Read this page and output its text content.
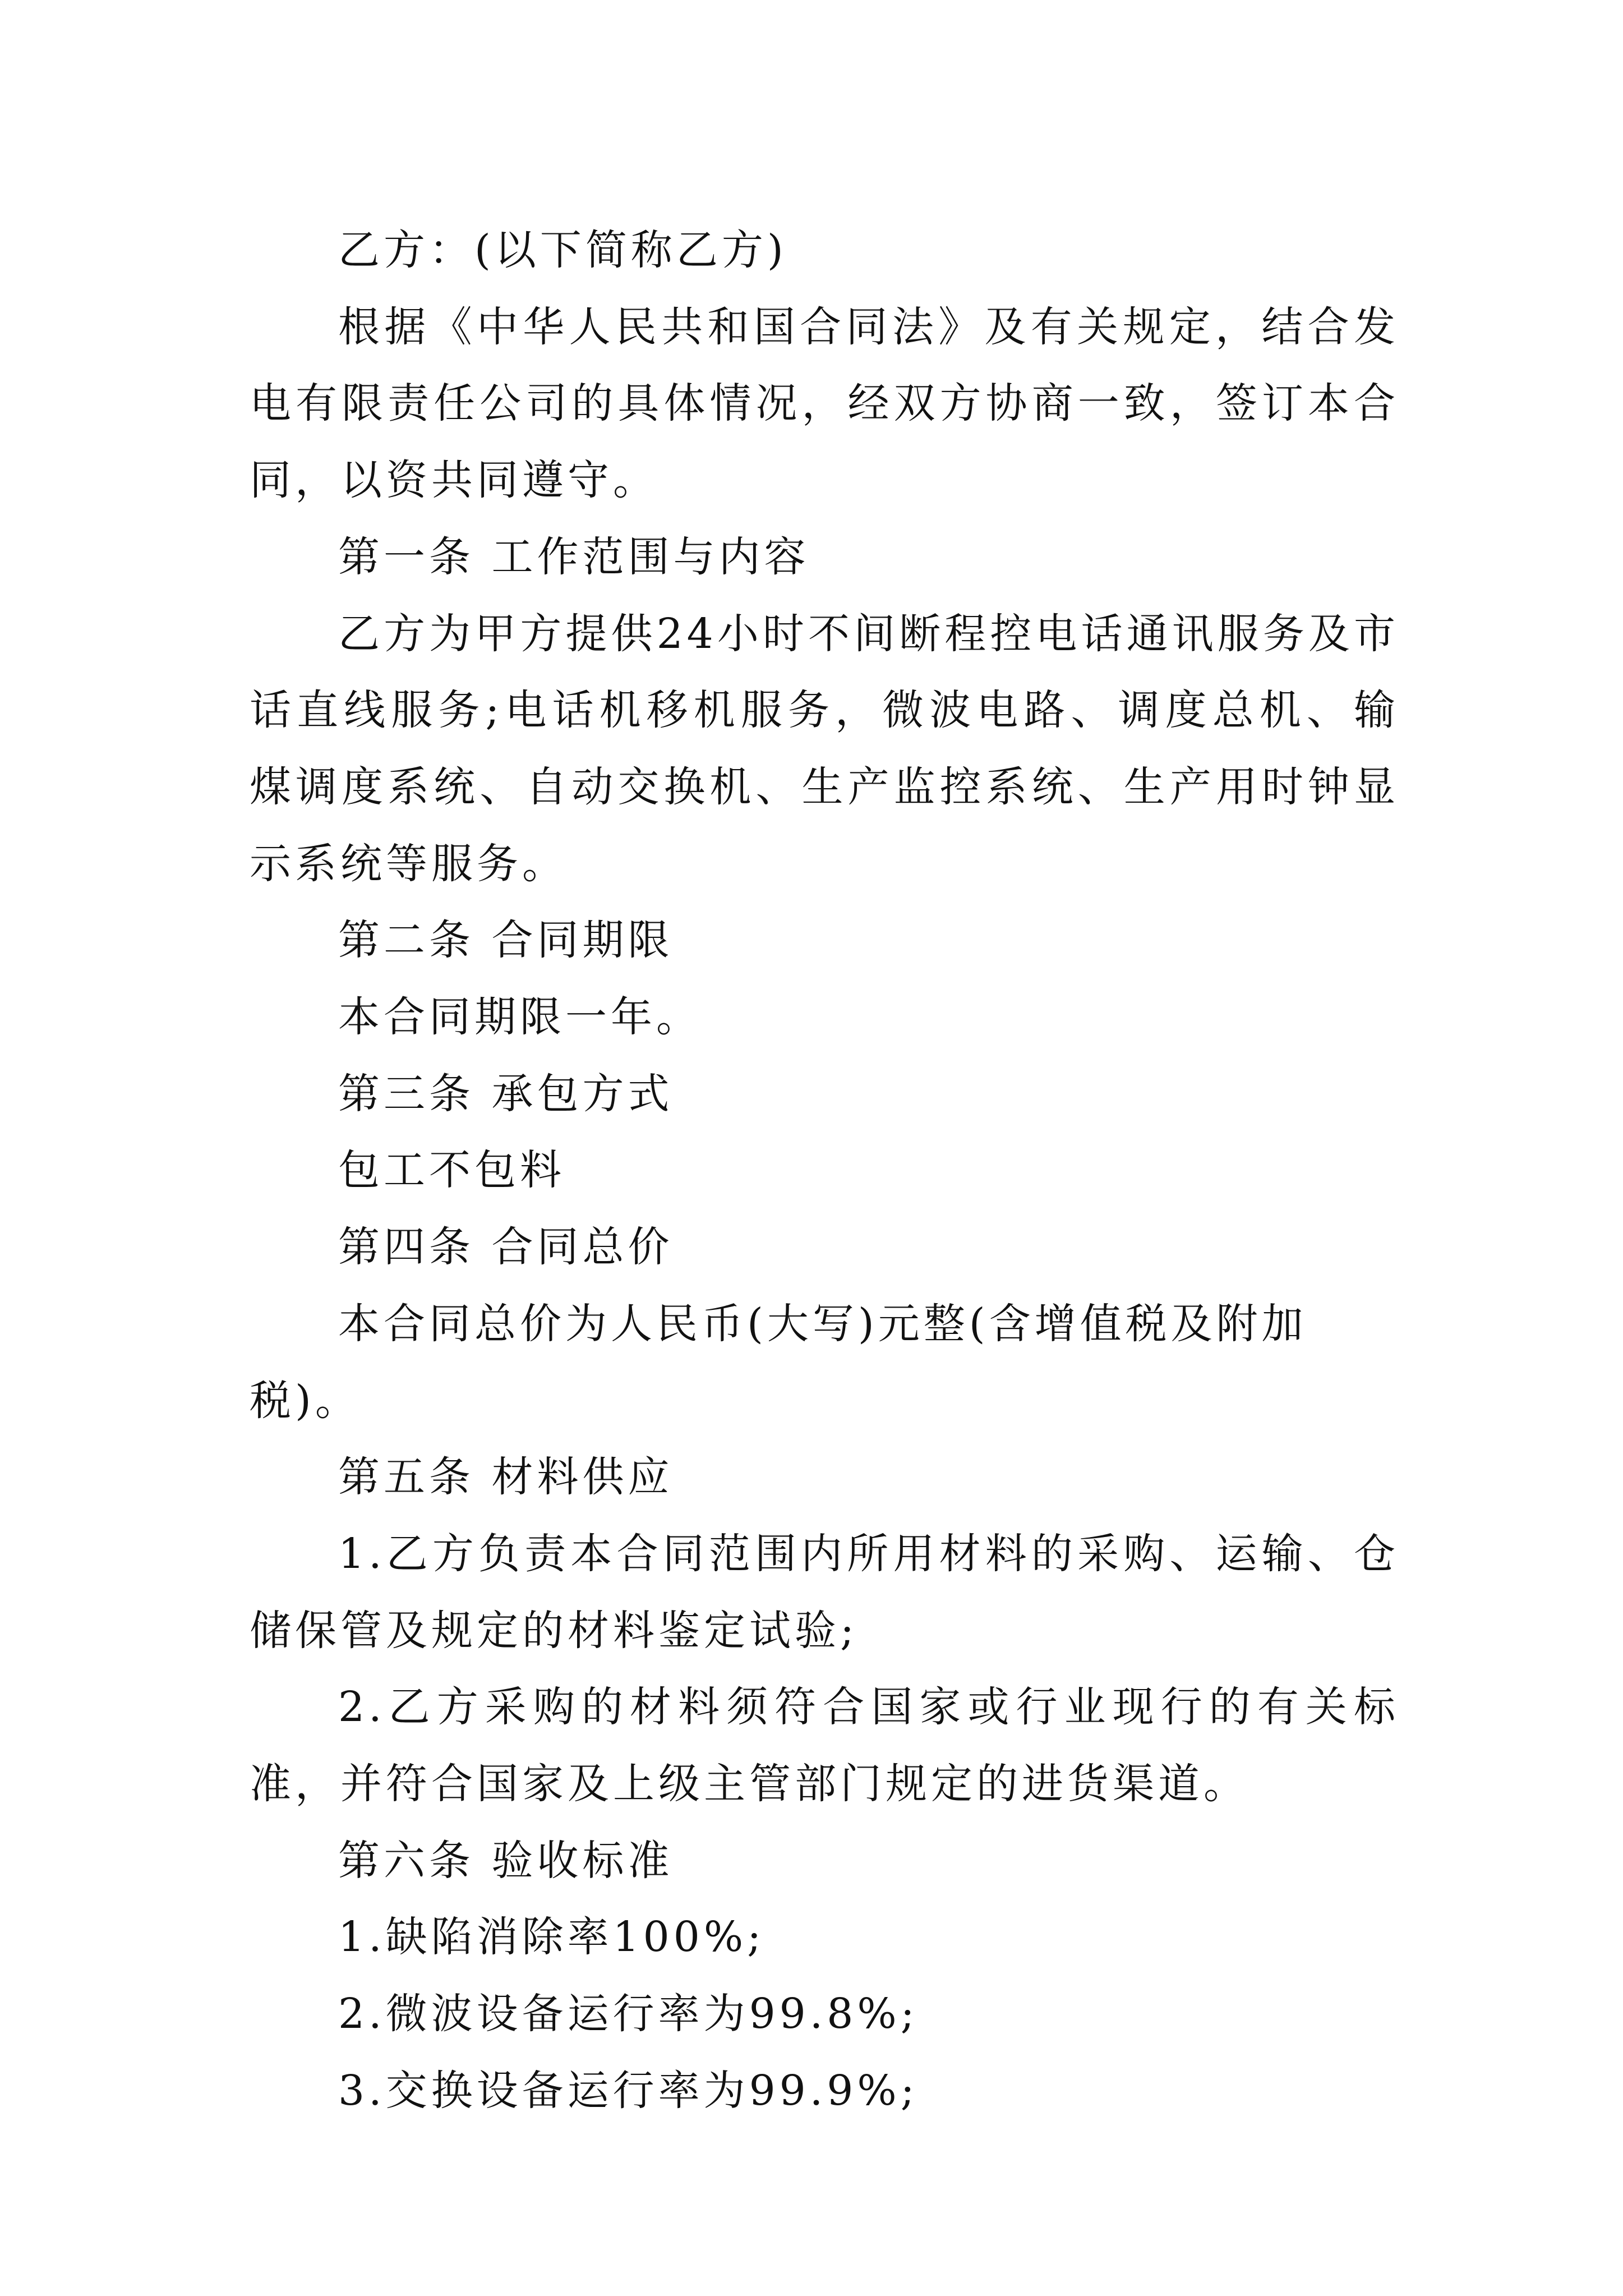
乙方：(以下简称乙方)

根据《中华人民共和国合同法》及有关规定，结合发电有限责任公司的具体情况，经双方协商一致，签订本合同，以资共同遵守。

第一条 工作范围与内容

乙方为甲方提供24小时不间断程控电话通讯服务及市话直线服务;电话机移机服务，微波电路、调度总机、输煤调度系统、自动交换机、生产监控系统、生产用时钟显示系统等服务。

第二条 合同期限

本合同期限一年。

第三条 承包方式

包工不包料

第四条 合同总价

本合同总价为人民币(大写)元整(含增值税及附加税)。

第五条 材料供应

1.乙方负责本合同范围内所用材料的采购、运输、仓储保管及规定的材料鉴定试验;

2.乙方采购的材料须符合国家或行业现行的有关标准，并符合国家及上级主管部门规定的进货渠道。

第六条 验收标准

1.缺陷消除率100%;

2.微波设备运行率为99.8%;

3.交换设备运行率为99.9%;
